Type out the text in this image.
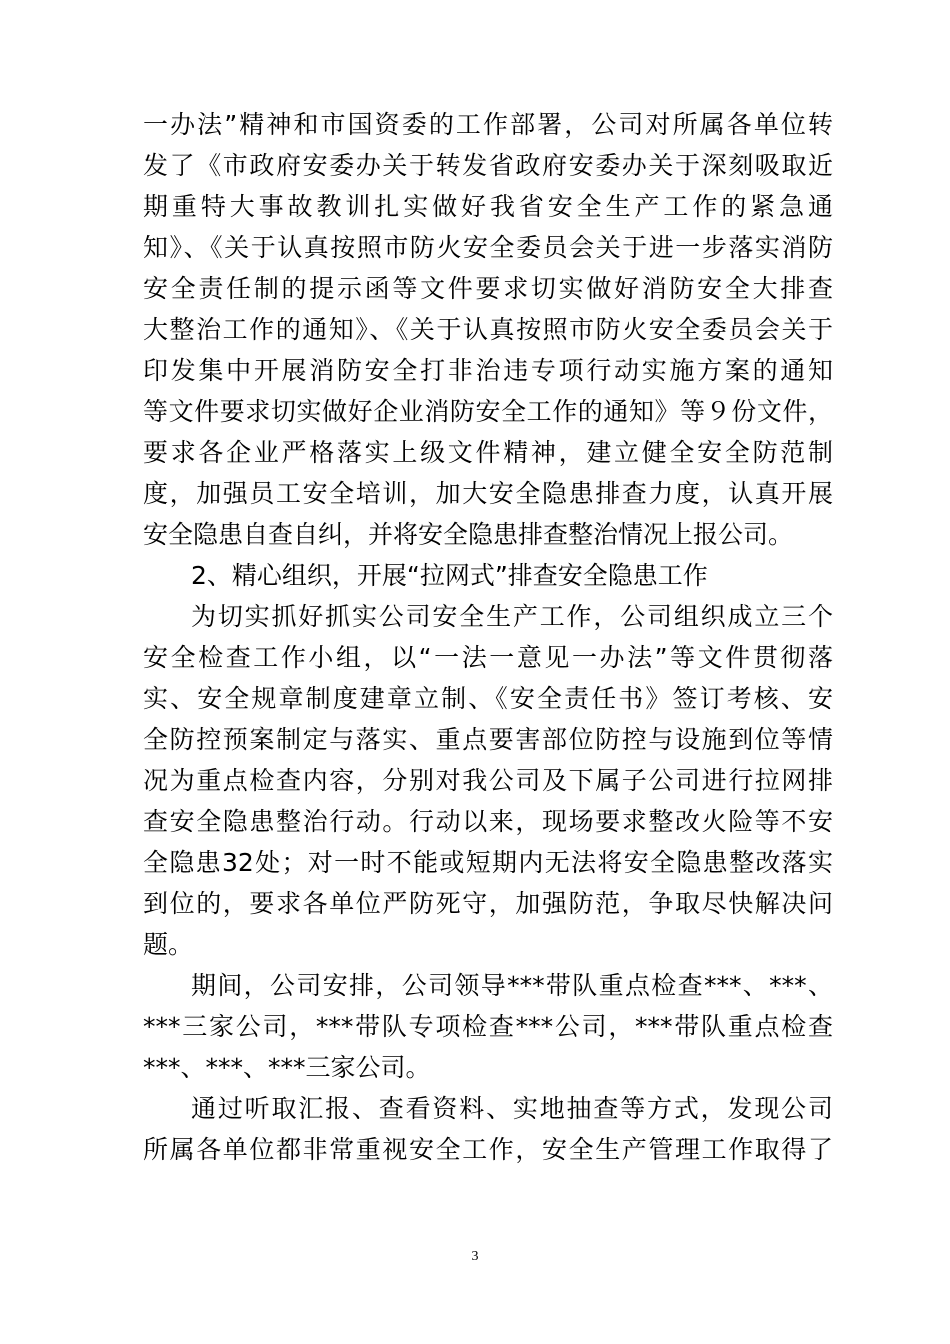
一办法”精神和市国资委的工作部署，公司对所属各单位转
发了《市政府安委办关于转发省政府安委办关于深刻吸取近
期重特大事故教训扎实做好我省安全生产工作的紧急通
知》、《关于认真按照市防火安全委员会关于进一步落实消防
安全责任制的提示函等文件要求切实做好消防安全大排查
大整治工作的通知》、《关于认真按照市防火安全委员会关于
印发集中开展消防安全打非治违专项行动实施方案的通知
等文件要求切实做好企业消防安全工作的通知》等９份文件，
要求各企业严格落实上级文件精神，建立健全安全防范制
度，加强员工安全培训，加大安全隐患排查力度，认真开展
安全隐患自查自纠，并将安全隐患排查整治情况上报公司。
2、精心组织，开展“拉网式”排查安全隐患工作
为切实抓好抓实公司安全生产工作，公司组织成立三个
安全检查工作小组，以“一法一意见一办法”等文件贯彻落
实、安全规章制度建章立制、《安全责任书》签订考核、安
全防控预案制定与落实、重点要害部位防控与设施到位等情
况为重点检查内容，分别对我公司及下属子公司进行拉网排
查安全隐患整治行动。行动以来，现场要求整改火险等不安
全隐患32处；对一时不能或短期内无法将安全隐患整改落实
到位的，要求各单位严防死守，加强防范，争取尽快解决问
题。
期间，公司安排，公司领导***带队重点检查***、***、
***三家公司，***带队专项检查***公司，***带队重点检查
***、***、***三家公司。
通过听取汇报、查看资料、实地抽查等方式，发现公司
所属各单位都非常重视安全工作，安全生产管理工作取得了
3
